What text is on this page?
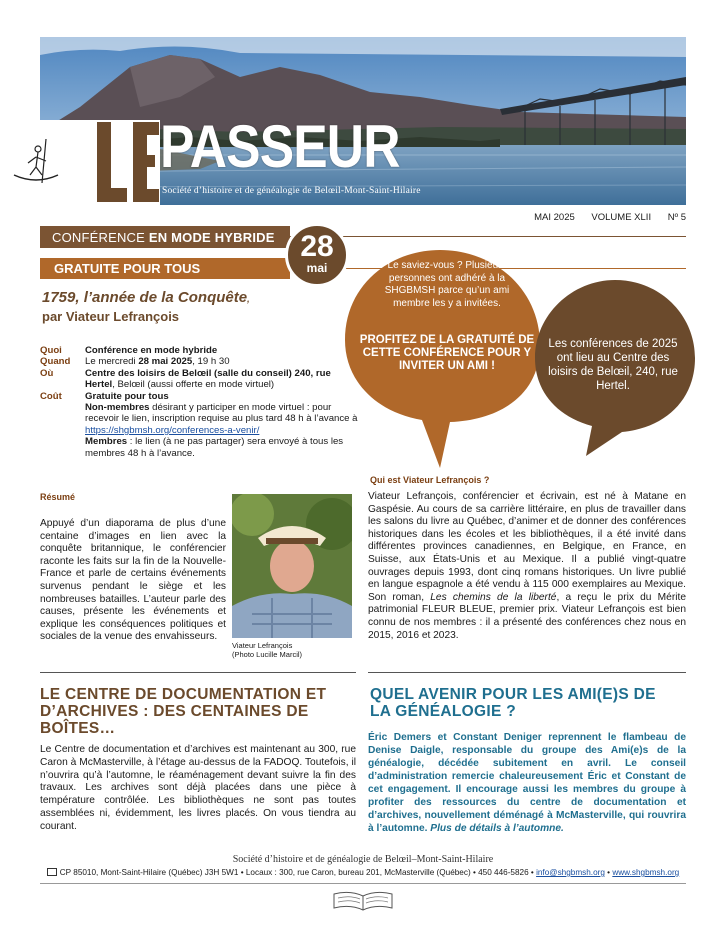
PASSEUR
Société d’histoire et de généalogie de Belœil-Mont-Saint-Hilaire
MAI 2025 VOLUME XLII Nº 5
CONFÉRENCE EN MODE HYBRIDE
GRATUITE POUR TOUS
28
mai
1759, l’année de la Conquête,
par Viateur Lefrançois
Quoi	Conférence en mode hybride
Quand	Le mercredi 28 mai 2025, 19 h 30
Où	Centre des loisirs de Belœil (salle du conseil) 240, rue Hertel, Belœil (aussi offerte en mode virtuel)
Coût	Gratuite pour tous
Non-membres désirant y participer en mode virtuel : pour recevoir le lien, inscription requise au plus tard 48 h à l’avance à https://shgbmsh.org/conferences-a-venir/
Membres : le lien (à ne pas partager) sera envoyé à tous les membres 48 h à l’avance.
Résumé
Appuyé d’un diaporama de plus d’une centaine d’images en lien avec la conquête britannique, le conférencier raconte les faits sur la fin de la Nouvelle-France et parle de certains événements survenus pendant le siège et les nombreuses batailles. L’auteur parle des causes, présente les événements et explique les conséquences politiques et sociales de la venue des envahisseurs.
Viateur Lefrançois
(Photo Lucille Marcil)
Le saviez-vous ? Plusieurs personnes ont adhéré à la SHGBMSH parce qu’un ami membre les y a invitées.
PROFITEZ DE LA GRATUITÉ DE CETTE CONFÉRENCE POUR Y INVITER UN AMI !
Les conférences de 2025 ont lieu au Centre des loisirs de Belœil, 240, rue Hertel.
Qui est Viateur Lefrançois ?
Viateur Lefrançois, conférencier et écrivain, est né à Matane en Gaspésie. Au cours de sa carrière littéraire, en plus de travailler dans les salons du livre au Québec, d’animer et de donner des conférences historiques dans les écoles et les bibliothèques, il a été invité dans différentes provinces canadiennes, en Belgique, en France, en Suisse, aux États-Unis et au Mexique. Il a publié vingt-quatre ouvrages depuis 1993, dont cinq romans historiques. Un livre publié en langue espagnole a été vendu à 115 000 exemplaires au Mexique. Son roman, Les chemins de la liberté, a reçu le prix du Mérite patrimonial FLEUR BLEUE, premier prix. Viateur Lefrançois est bien connu de nos membres : il a présenté des conférences chez nous en 2015, 2016 et 2023.
LE CENTRE DE DOCUMENTATION ET D’ARCHIVES : DES CENTAINES DE BOÎTES…
Le Centre de documentation et d’archives est maintenant au 300, rue Caron à McMasterville, à l’étage au-dessus de la FADOQ. Toutefois, il n’ouvrira qu’à l’automne, le réaménagement devant suivre la fin des travaux. Les archives sont déjà placées dans une pièce à température contrôlée. Les bibliothèques ne sont pas toutes assemblées ni, évidemment, les livres placés. On vous tiendra au courant.
QUEL AVENIR POUR LES AMI(E)S DE LA GÉNÉALOGIE ?
Éric Demers et Constant Deniger reprennent le flambeau de Denise Daigle, responsable du groupe des Ami(e)s de la généalogie, décédée subitement en avril. Le conseil d’administration remercie chaleureusement Éric et Constant de cet engagement. Il encourage aussi les membres du groupe à profiter des ressources du centre de documentation et d’archives, nouvellement déménagé à McMasterville, qui rouvrira à l’automne. Plus de détails à l’automne.
Société d’histoire et de généalogie de Belœil–Mont-Saint-Hilaire
CP 85010, Mont-Saint-Hilaire (Québec) J3H 5W1 • Locaux : 300, rue Caron, bureau 201, McMasterville (Québec) • 450 446-5826 • info@shgbmsh.org • www.shgbmsh.org
